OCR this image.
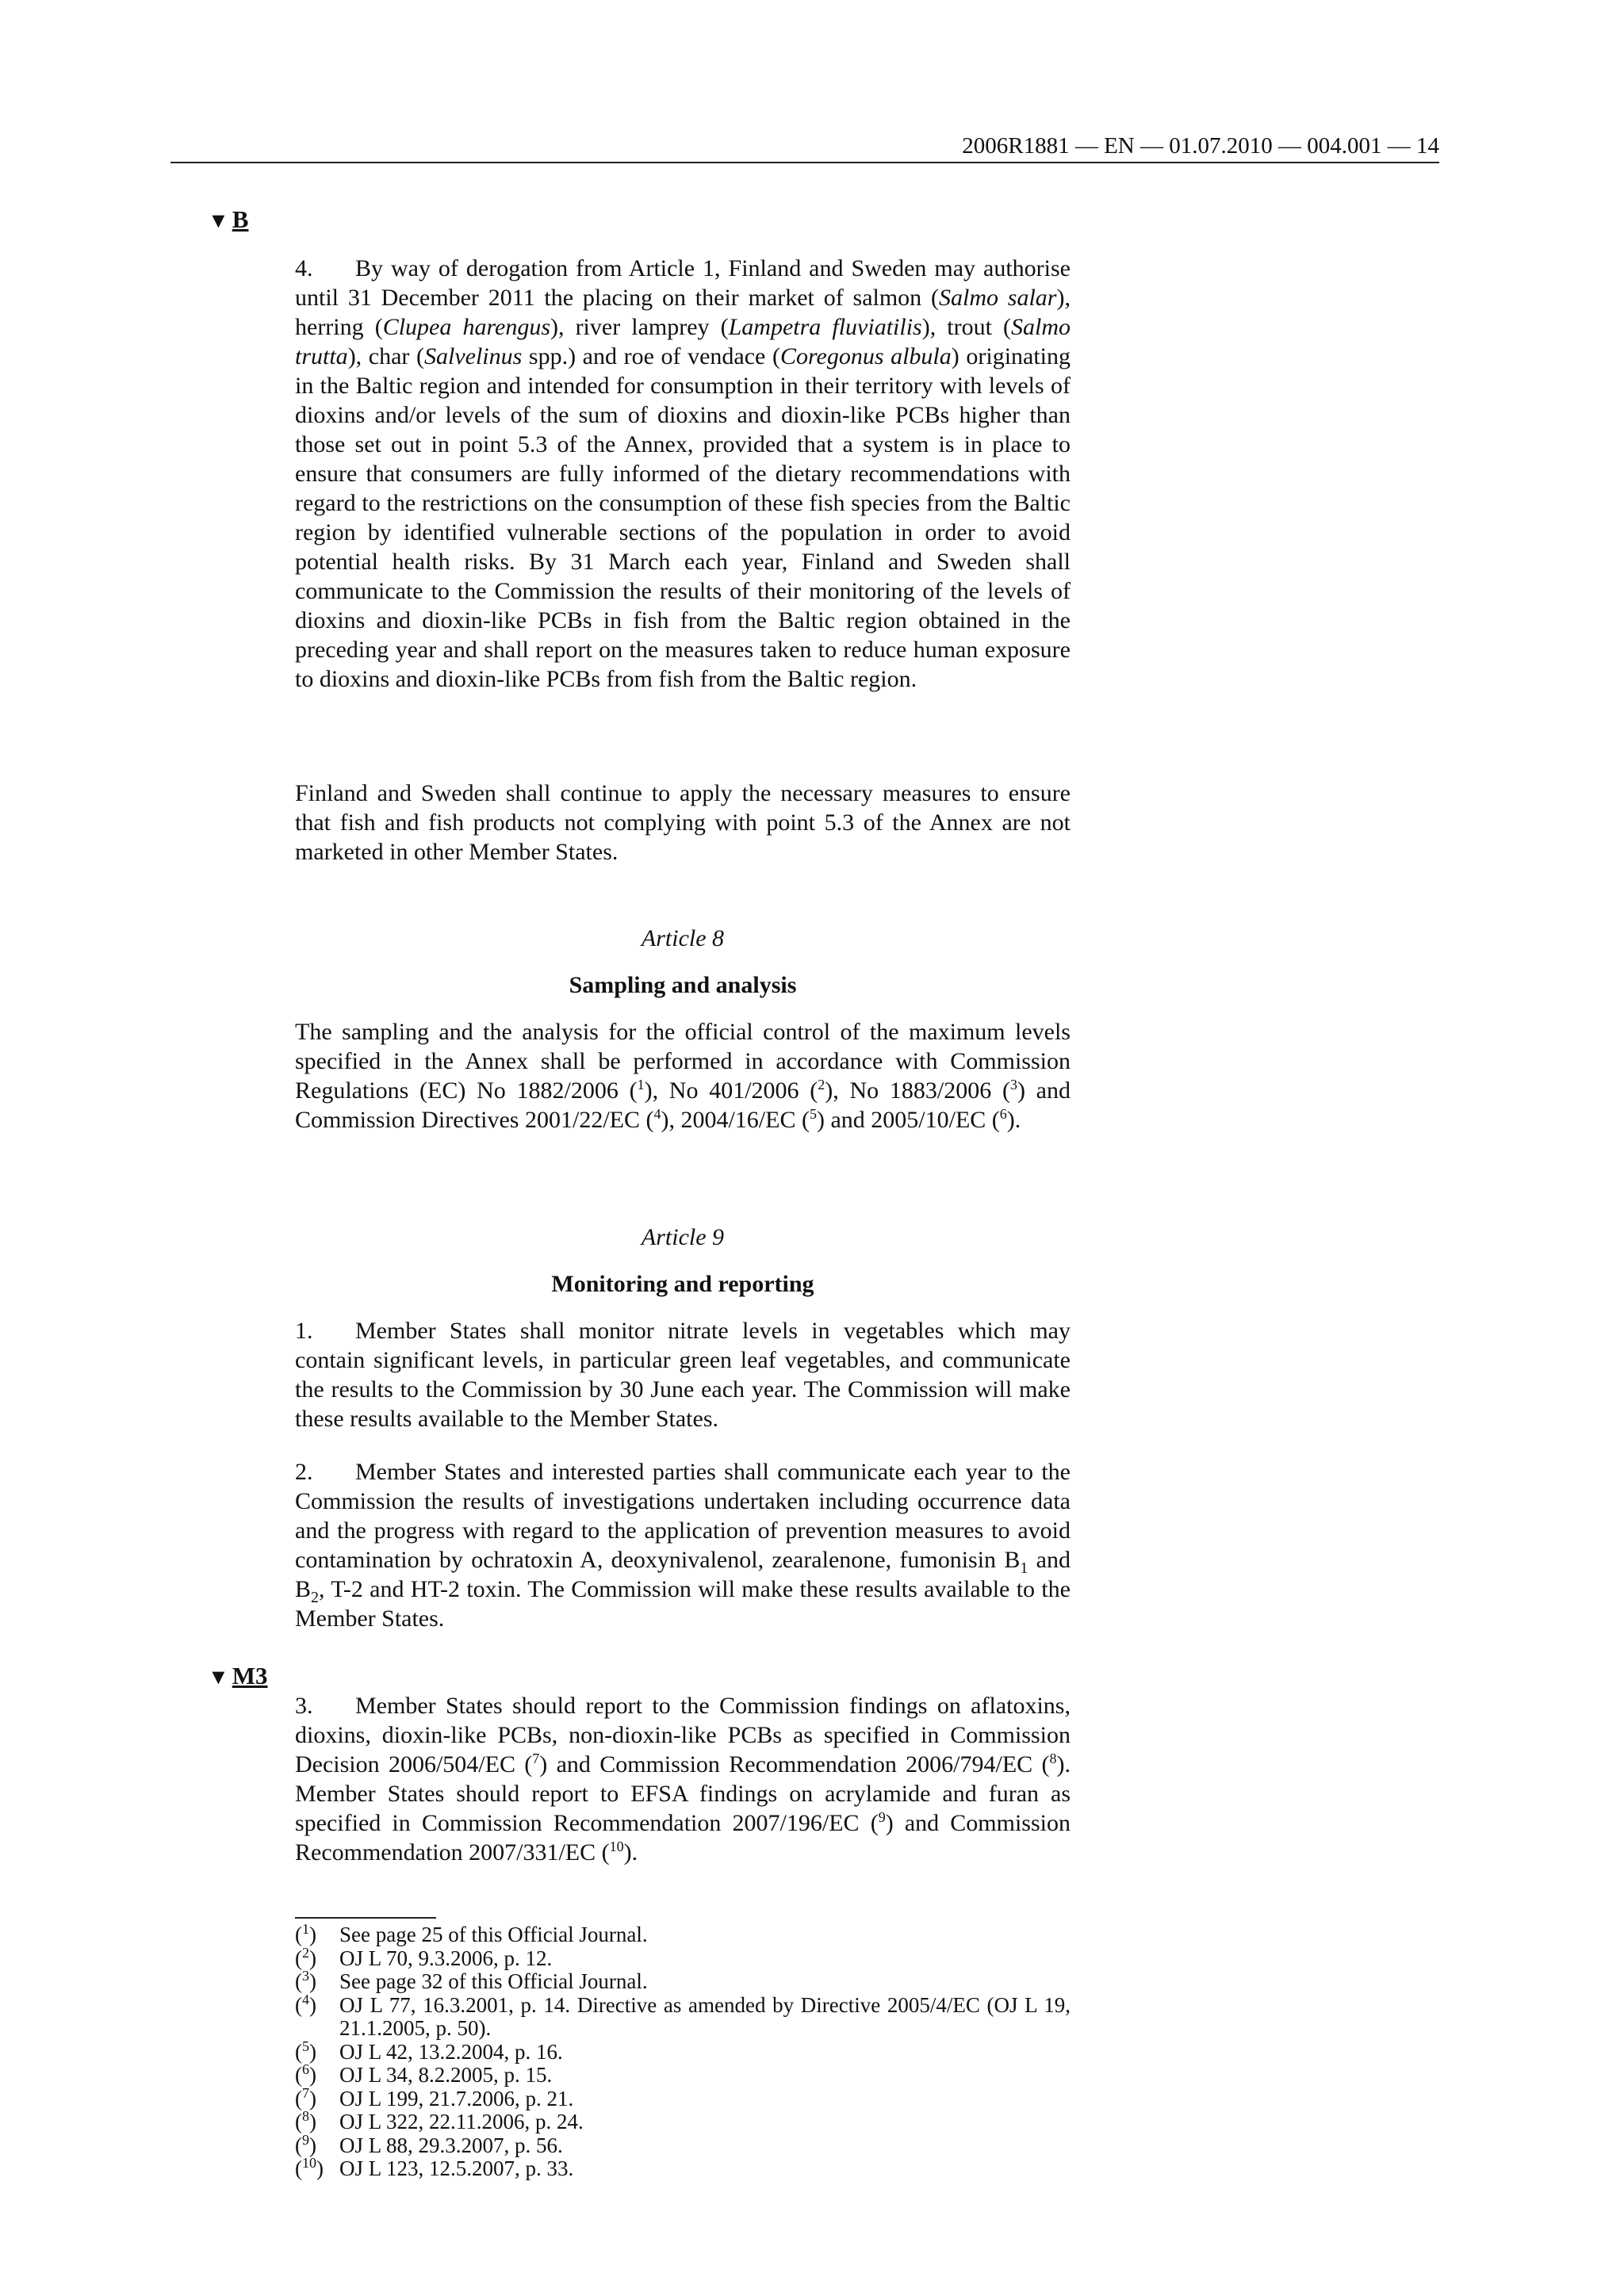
2006R1881 — EN — 01.07.2010 — 004.001 — 14
▼ B

4. By way of derogation from Article 1, Finland and Sweden may authorise until 31 December 2011 the placing on their market of salmon (Salmo salar), herring (Clupea harengus), river lamprey (Lampetra fluviatilis), trout (Salmo trutta), char (Salvelinus spp.) and roe of vendace (Coregonus albula) originating in the Baltic region and intended for consumption in their territory with levels of dioxins and/or levels of the sum of dioxins and dioxin-like PCBs higher than those set out in point 5.3 of the Annex, provided that a system is in place to ensure that consumers are fully informed of the dietary recommendations with regard to the restrictions on the consumption of these fish species from the Baltic region by identified vulnerable sections of the population in order to avoid potential health risks. By 31 March each year, Finland and Sweden shall communicate to the Commission the results of their monitoring of the levels of dioxins and dioxin-like PCBs in fish from the Baltic region obtained in the preceding year and shall report on the measures taken to reduce human exposure to dioxins and dioxin-like PCBs from fish from the Baltic region.

Finland and Sweden shall continue to apply the necessary measures to ensure that fish and fish products not complying with point 5.3 of the Annex are not marketed in other Member States.

Article 8

Sampling and analysis

The sampling and the analysis for the official control of the maximum levels specified in the Annex shall be performed in accordance with Commission Regulations (EC) No 1882/2006 ($^1$), No 401/2006 ($^2$), No 1883/2006 ($^3$) and Commission Directives 2001/22/EC ($^4$), 2004/16/EC ($^5$) and 2005/10/EC ($^6$).

Article 9

Monitoring and reporting

1. Member States shall monitor nitrate levels in vegetables which may contain significant levels, in particular green leaf vegetables, and communicate the results to the Commission by 30 June each year. The Commission will make these results available to the Member States.

2. Member States and interested parties shall communicate each year to the Commission the results of investigations undertaken including occurrence data and the progress with regard to the application of prevention measures to avoid contamination by ochratoxin A, deoxynivalenol, zearalenone, fumonisin $B_1$ and $B_2$, T-2 and HT-2 toxin. The Commission will make these results available to the Member States.

▼ M3

3. Member States should report to the Commission findings on aflatoxins, dioxins, dioxin-like PCBs, non-dioxin-like PCBs as specified in Commission Decision 2006/504/EC ($^7$) and Commission Recommendation 2006/794/EC ($^8$). Member States should report to EFSA findings on acrylamide and furan as specified in Commission Recommendation 2007/196/EC ($^9$) and Commission Recommendation 2007/331/EC ($^{10}$).

($^1$)	See page 25 of this Official Journal.
($^2$)	OJ L 70, 9.3.2006, p. 12.
($^3$)	See page 32 of this Official Journal.
($^4$)	OJ L 77, 16.3.2001, p. 14. Directive as amended by Directive 2005/4/EC (OJ L 19, 21.1.2005, p. 50).
($^5$)	OJ L 42, 13.2.2004, p. 16.
($^6$)	OJ L 34, 8.2.2005, p. 15.
($^7$)	OJ L 199, 21.7.2006, p. 21.
($^8$)	OJ L 322, 22.11.2006, p. 24.
($^9$)	OJ L 88, 29.3.2007, p. 56.
($^{10}$) OJ L 123, 12.5.2007, p. 33.
